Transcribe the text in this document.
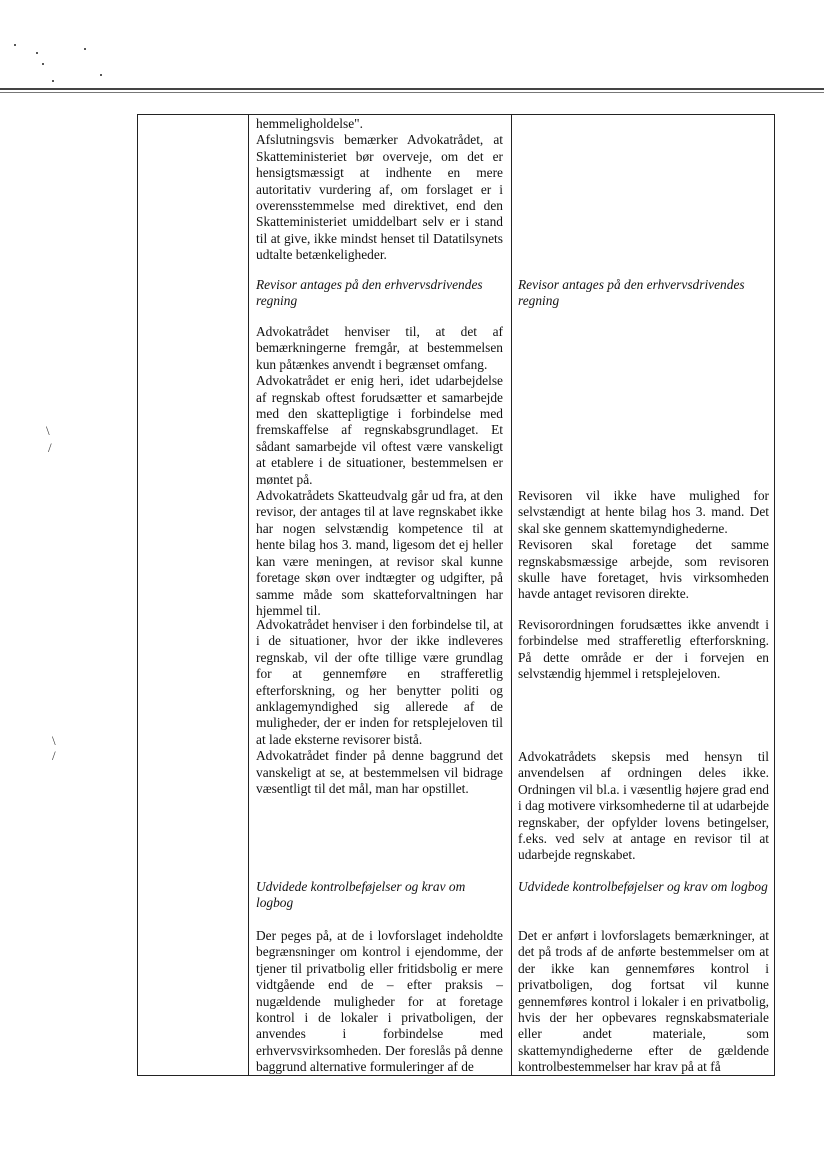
\
/
\
/

hemmeligholdelse".

Afslutningsvis bemærker Advokatrådet, at Skatteministeriet bør overveje, om det er hensigtsmæssigt at indhente en mere autoritativ vurdering af, om forslaget er i overensstemmelse med direktivet, end den Skatteministeriet umiddelbart selv er i stand til at give, ikke mindst henset til Datatilsynets udtalte betænkeligheder.

Revisor antages på den erhvervsdrivendes regning

Advokatrådet henviser til, at det af bemærkningerne fremgår, at bestemmelsen kun påtænkes anvendt i begrænset omfang.

Advokatrådet er enig heri, idet udarbejdelse af regnskab oftest forudsætter et samarbejde med den skattepligtige i forbindelse med fremskaffelse af regnskabsgrundlaget. Et sådant samarbejde vil oftest være vanskeligt at etablere i de situationer, bestemmelsen er møntet på.

Advokatrådets Skatteudvalg går ud fra, at den revisor, der antages til at lave regnskabet ikke har nogen selvstændig kompetence til at hente bilag hos 3. mand, ligesom det ej heller kan være meningen, at revisor skal kunne foretage skøn over indtægter og udgifter, på samme måde som skatteforvaltningen har hjemmel til.

Advokatrådet henviser i den forbindelse til, at i de situationer, hvor der ikke indleveres regnskab, vil der ofte tillige være grundlag for at gennemføre en strafferetlig efterforskning, og her benytter politi og anklagemyndighed sig allerede af de muligheder, der er inden for retsplejeloven til at lade eksterne revisorer bistå.

Advokatrådet finder på denne baggrund det vanskeligt at se, at bestemmelsen vil bidrage væsentligt til det mål, man har opstillet.

Udvidede kontrolbeføjelser og krav om logbog

Der peges på, at de i lovforslaget indeholdte begrænsninger om kontrol i ejendomme, der tjener til privatbolig eller fritidsbolig er mere vidtgående end de – efter praksis – nugældende muligheder for at foretage kontrol i de lokaler i privatboligen, der anvendes i forbindelse med erhvervsvirksomheden. Der foreslås på denne baggrund alternative formuleringer af de

Revisor antages på den erhvervsdrivendes regning

Revisoren vil ikke have mulighed for selvstændigt at hente bilag hos 3. mand. Det skal ske gennem skattemyndighederne.

Revisoren skal foretage det samme regnskabsmæssige arbejde, som revisoren skulle have foretaget, hvis virksomheden havde antaget revisoren direkte.

Revisorordningen forudsættes ikke anvendt i forbindelse med strafferetlig efterforskning. På dette område er der i forvejen en selvstændig hjemmel i retsplejeloven.

Advokatrådets skepsis med hensyn til anvendelsen af ordningen deles ikke. Ordningen vil bl.a. i væsentlig højere grad end i dag motivere virksomhederne til at udarbejde regnskaber, der opfylder lovens betingelser, f.eks. ved selv at antage en revisor til at udarbejde regnskabet.

Udvidede kontrolbeføjelser og krav om logbog

Det er anført i lovforslagets bemærkninger, at det på trods af de anførte bestemmelser om at der ikke kan gennemføres kontrol i privatboligen, dog fortsat vil kunne gennemføres kontrol i lokaler i en privatbolig, hvis der her opbevares regnskabsmateriale eller andet materiale, som skattemyndighederne efter de gældende kontrolbestemmelser har krav på at få
